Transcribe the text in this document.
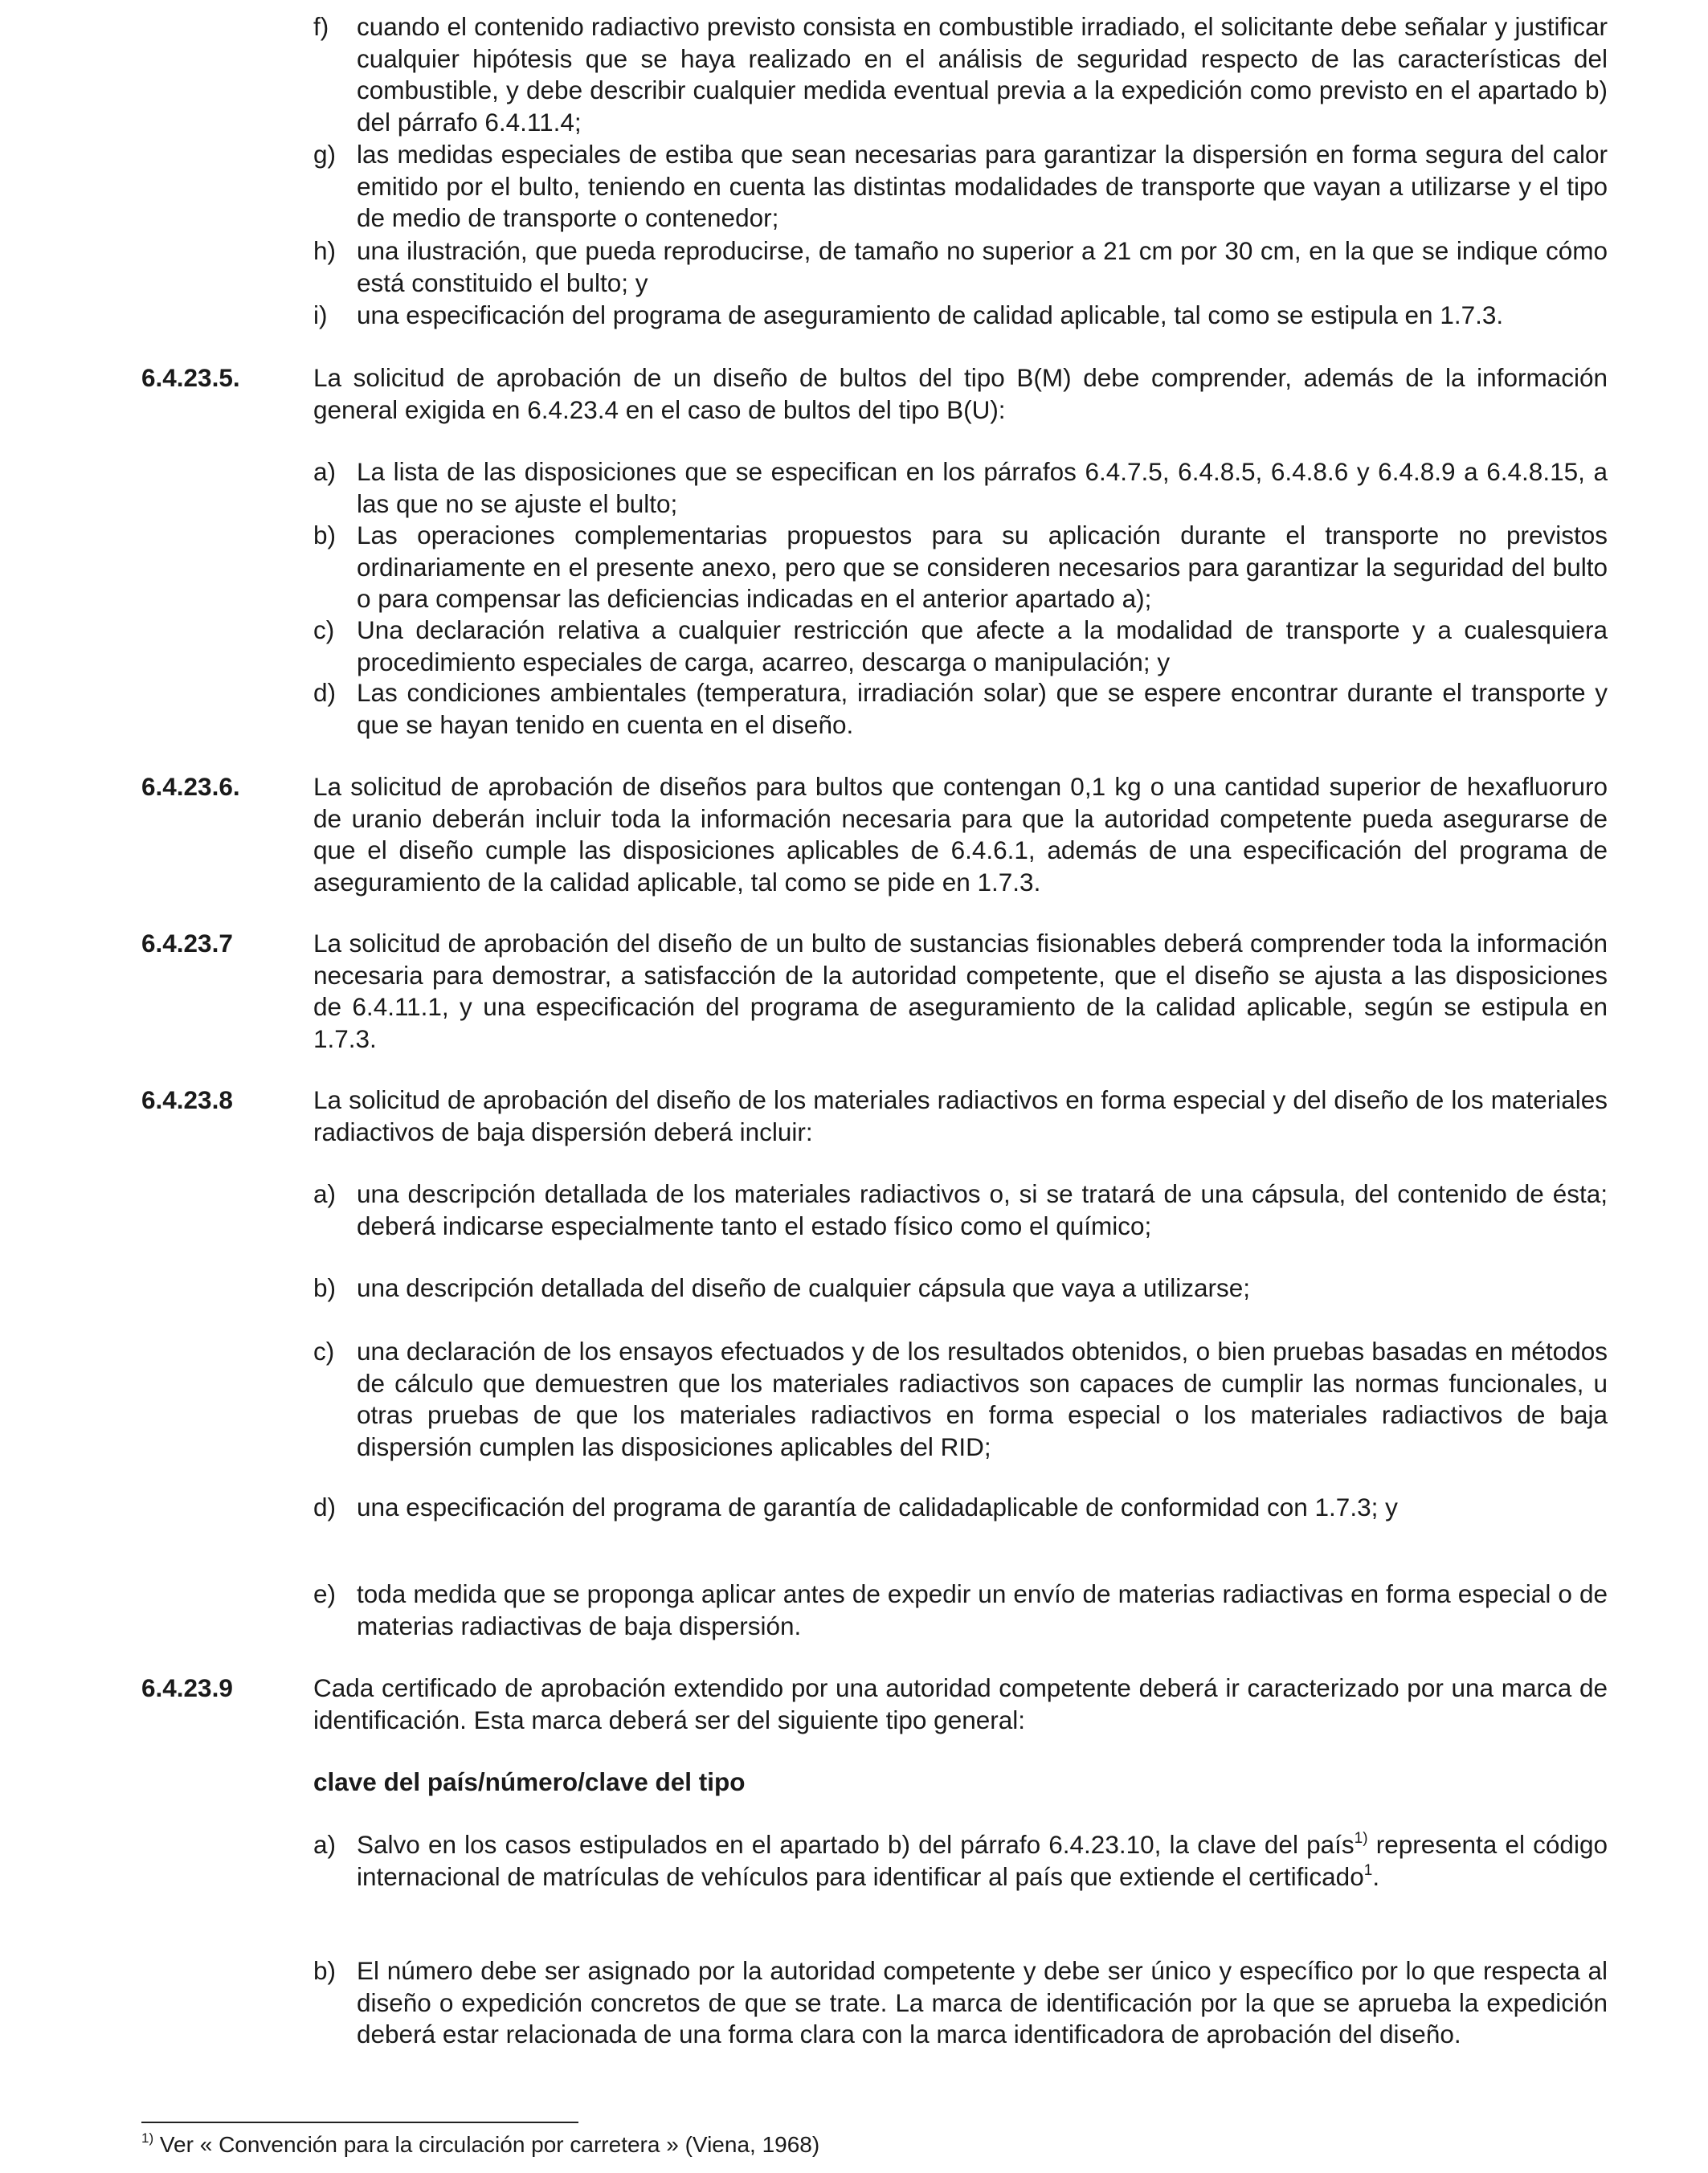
f)	cuando el contenido radiactivo previsto consista en combustible irradiado, el solicitante debe señalar y justificar cualquier hipótesis que se haya realizado en el análisis de seguridad respecto de las características del combustible, y debe describir cualquier medida eventual previa a la expedición como previsto en el apartado b) del párrafo 6.4.11.4;
g) las medidas especiales de estiba que sean necesarias para garantizar la dispersión en forma segura del calor emitido por el bulto, teniendo en cuenta las distintas modalidades de transporte que vayan a utilizarse y el tipo de medio de transporte o contenedor;
h) una ilustración, que pueda reproducirse, de tamaño no superior a 21 cm por 30 cm, en la que se indique cómo está constituido el bulto; y
i)	una especificación del programa de aseguramiento de calidad aplicable, tal como se estipula en 1.7.3.
6.4.23.5.	La solicitud de aprobación de un diseño de bultos del tipo B(M) debe comprender, además de la información general exigida en 6.4.23.4 en el caso de bultos del tipo B(U):
a) La lista de las disposiciones que se especifican en los párrafos 6.4.7.5, 6.4.8.5, 6.4.8.6 y 6.4.8.9 a 6.4.8.15, a las que no se ajuste el bulto;
b) Las operaciones complementarias propuestos para su aplicación durante el transporte no previstos ordinariamente en el presente anexo, pero que se consideren necesarios para garantizar la seguridad del bulto o para compensar las deficiencias indicadas en el anterior apartado a);
c) Una declaración relativa a cualquier restricción que afecte a la modalidad de transporte y a cualesquiera procedimiento especiales de carga, acarreo, descarga o manipulación; y
d) Las condiciones ambientales (temperatura, irradiación solar) que se espere encontrar durante el transporte y que se hayan tenido en cuenta en el diseño.
6.4.23.6.	La solicitud de aprobación de diseños para bultos que contengan 0,1 kg o una cantidad superior de hexafluoruro de uranio deberán incluir toda la información necesaria para que la autoridad competente pueda asegurarse de que el diseño cumple las disposiciones aplicables de 6.4.6.1, además de una especificación del programa de aseguramiento de la calidad aplicable, tal como se pide en 1.7.3.
6.4.23.7	La solicitud de aprobación del diseño de un bulto de sustancias fisionables deberá comprender toda la información necesaria para demostrar, a satisfacción de la autoridad competente, que el diseño se ajusta a las disposiciones de 6.4.11.1, y una especificación del programa de aseguramiento de la calidad aplicable, según se estipula en 1.7.3.
6.4.23.8	La solicitud de aprobación del diseño de los materiales radiactivos en forma especial y del diseño de los materiales radiactivos de baja dispersión deberá incluir:
a) una descripción detallada de los materiales radiactivos o, si se tratará de una cápsula, del contenido de ésta; deberá indicarse especialmente tanto el estado físico como el químico;
b) una descripción detallada del diseño de cualquier cápsula que vaya a utilizarse;
c) una declaración de los ensayos efectuados y de los resultados obtenidos, o bien pruebas basadas en métodos de cálculo que demuestren que los materiales radiactivos son capaces de cumplir las normas funcionales, u otras pruebas de que los materiales radiactivos en forma especial o los materiales radiactivos de baja dispersión cumplen las disposiciones aplicables del RID;
d) una especificación del programa de garantía de calidadaplicable de conformidad con 1.7.3; y
e) toda medida que se proponga aplicar antes de expedir un envío de materias radiactivas en forma especial o de materias radiactivas de baja dispersión.
6.4.23.9	Cada certificado de aprobación extendido por una autoridad competente deberá ir caracterizado por una marca de identificación. Esta marca deberá ser del siguiente tipo general:
clave del país/número/clave del tipo
a) Salvo en los casos estipulados en el apartado b) del párrafo 6.4.23.10, la clave del país$^{1)}$ representa el código internacional de matrículas de vehículos para identificar al país que extiende el certificado$^1$.
b) El número debe ser asignado por la autoridad competente y debe ser único y específico por lo que respecta al diseño o expedición concretos de que se trate. La marca de identificación por la que se aprueba la expedición deberá estar relacionada de una forma clara con la marca identificadora de aprobación del diseño.
$^{1)}$ Ver « Convención para la circulación por carretera » (Viena, 1968)
